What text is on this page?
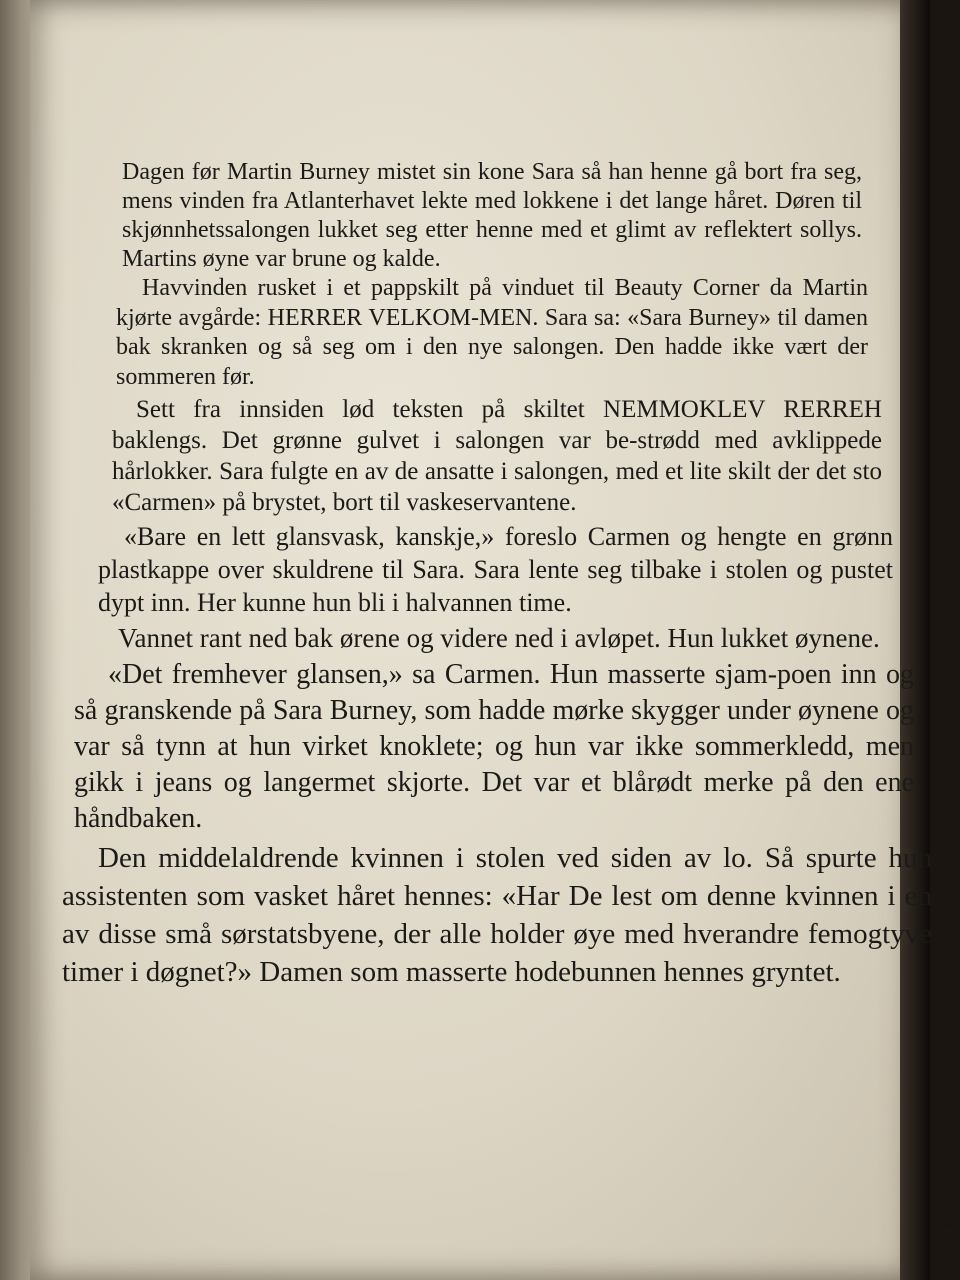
Dagen før Martin Burney mistet sin kone Sara så han henne gå bort fra seg, mens vinden fra Atlanterhavet lekte med lokkene i det lange håret. Døren til skjønnhetssalongen lukket seg etter henne med et glimt av reflektert sollys. Martins øyne var brune og kalde.

Havvinden rusket i et pappskilt på vinduet til Beauty Corner da Martin kjørte avgårde: HERRER VELKOM-MEN. Sara sa: «Sara Burney» til damen bak skranken og så seg om i den nye salongen. Den hadde ikke vært der sommeren før.

Sett fra innsiden lød teksten på skiltet NEMMOKLEV RERREH baklengs. Det grønne gulvet i salongen var be-strødd med avklippede hårlokker. Sara fulgte en av de ansatte i salongen, med et lite skilt der det sto «Carmen» på brystet, bort til vaskeservantene.

«Bare en lett glansvask, kanskje,» foreslo Carmen og hengte en grønn plastkappe over skuldrene til Sara. Sara lente seg tilbake i stolen og pustet dypt inn. Her kunne hun bli i halvannen time.

Vannet rant ned bak ørene og videre ned i avløpet. Hun lukket øynene.

«Det fremhever glansen,» sa Carmen. Hun masserte sjam-poen inn og så granskende på Sara Burney, som hadde mørke skygger under øynene og var så tynn at hun virket knoklete; og hun var ikke sommerkledd, men gikk i jeans og langermet skjorte. Det var et blårødt merke på den ene håndbaken.

Den middelaldrende kvinnen i stolen ved siden av lo. Så spurte hun assistenten som vasket håret hennes: «Har De lest om denne kvinnen i en av disse små sørstatsbyene, der alle holder øye med hverandre femogtyve timer i døgnet?» Damen som masserte hodebunnen hennes gryntet.

5
